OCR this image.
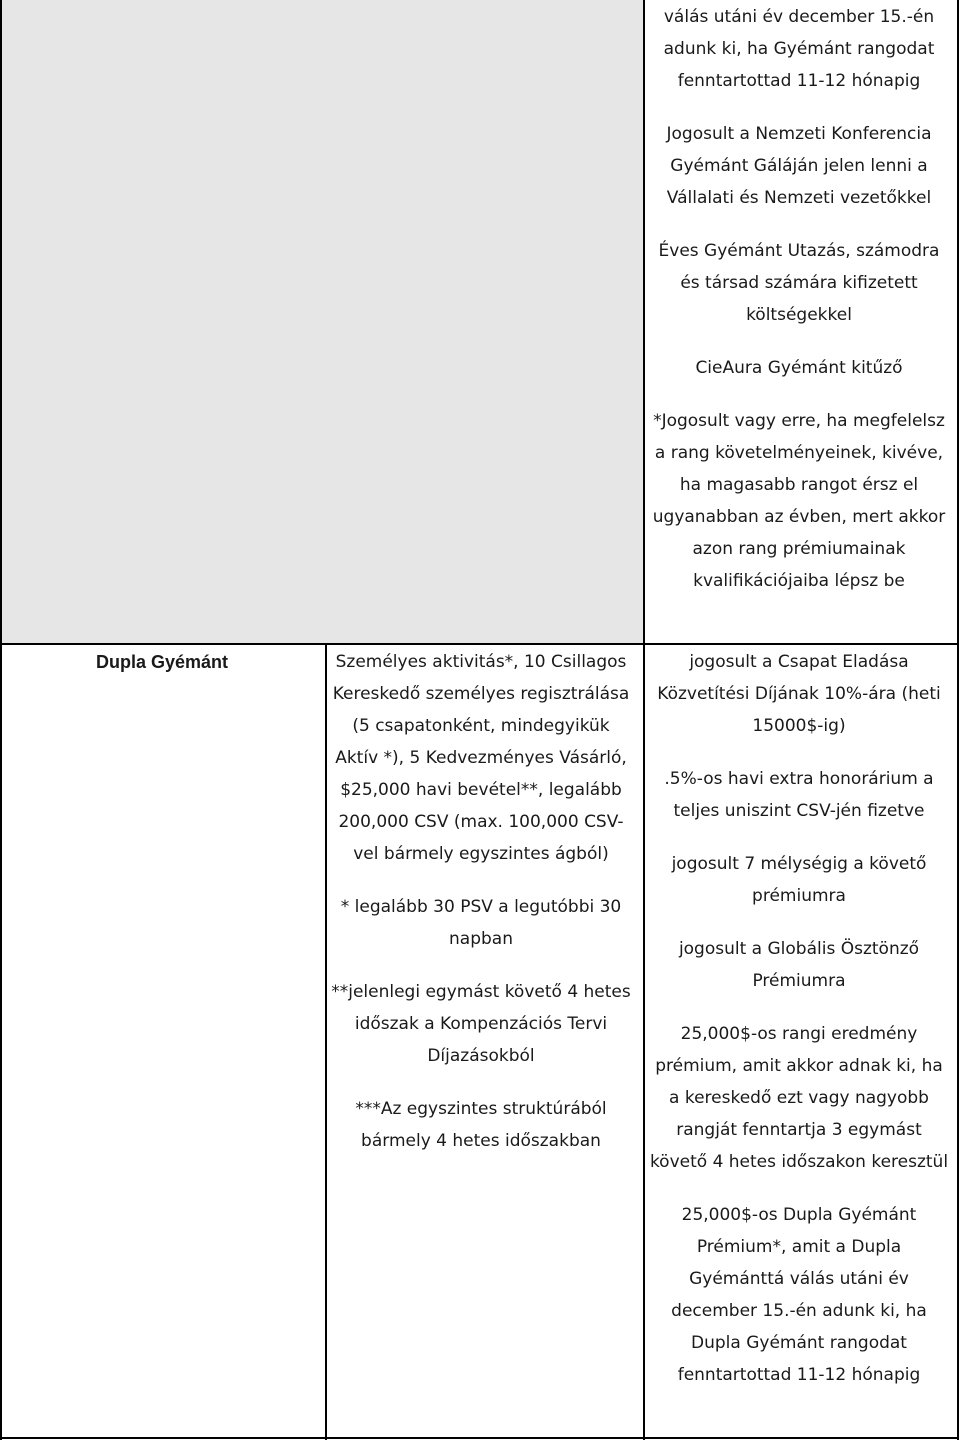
válás utáni év december 15.-én adunk ki, ha Gyémánt rangodat fenntartottad 11-12 hónapig

Jogosult a Nemzeti Konferencia Gyémánt Gáláján jelen lenni a Vállalati és Nemzeti vezetőkkel

Éves Gyémánt Utazás, számodra és társad számára kifizetett költségekkel

CieAura Gyémánt kitűző

*Jogosult vagy erre, ha megfelelsz a rang követelményeinek, kivéve, ha magasabb rangot érsz el ugyanabban az évben, mert akkor azon rang prémiumainak kvalifikációjaiba lépsz be

Dupla Gyémánt	Személyes aktivitás*, 10 Csillagos Kereskedő személyes regisztrálása (5 csapatonként, mindegyikük Aktív *), 5 Kedvezményes Vásárló, $25,000 havi bevétel**, legalább 200,000 CSV (max. 100,000 CSV-vel bármely egyszintes ágból)

* legalább 30 PSV a legutóbbi 30 napban

**jelenlegi egymást követő 4 hetes időszak a Kompenzációs Tervi Díjazásokból

***Az egyszintes struktúrából bármely 4 hetes időszakban

jogosult a Csapat Eladása Közvetítési Díjának 10%-ára (heti 15000$-ig)

.5%-os havi extra honorárium a teljes uniszint CSV-jén fizetve

jogosult 7 mélységig a követő prémiumra

jogosult a Globális Ösztönző Prémiumra

25,000$-os rangi eredmény prémium, amit akkor adnak ki, ha a kereskedő ezt vagy nagyobb rangját fenntartja 3 egymást követő 4 hetes időszakon keresztül

25,000$-os Dupla Gyémánt Prémium*, amit a Dupla Gyémánttá válás utáni év december 15.-én adunk ki, ha Dupla Gyémánt rangodat fenntartottad 11-12 hónapig
